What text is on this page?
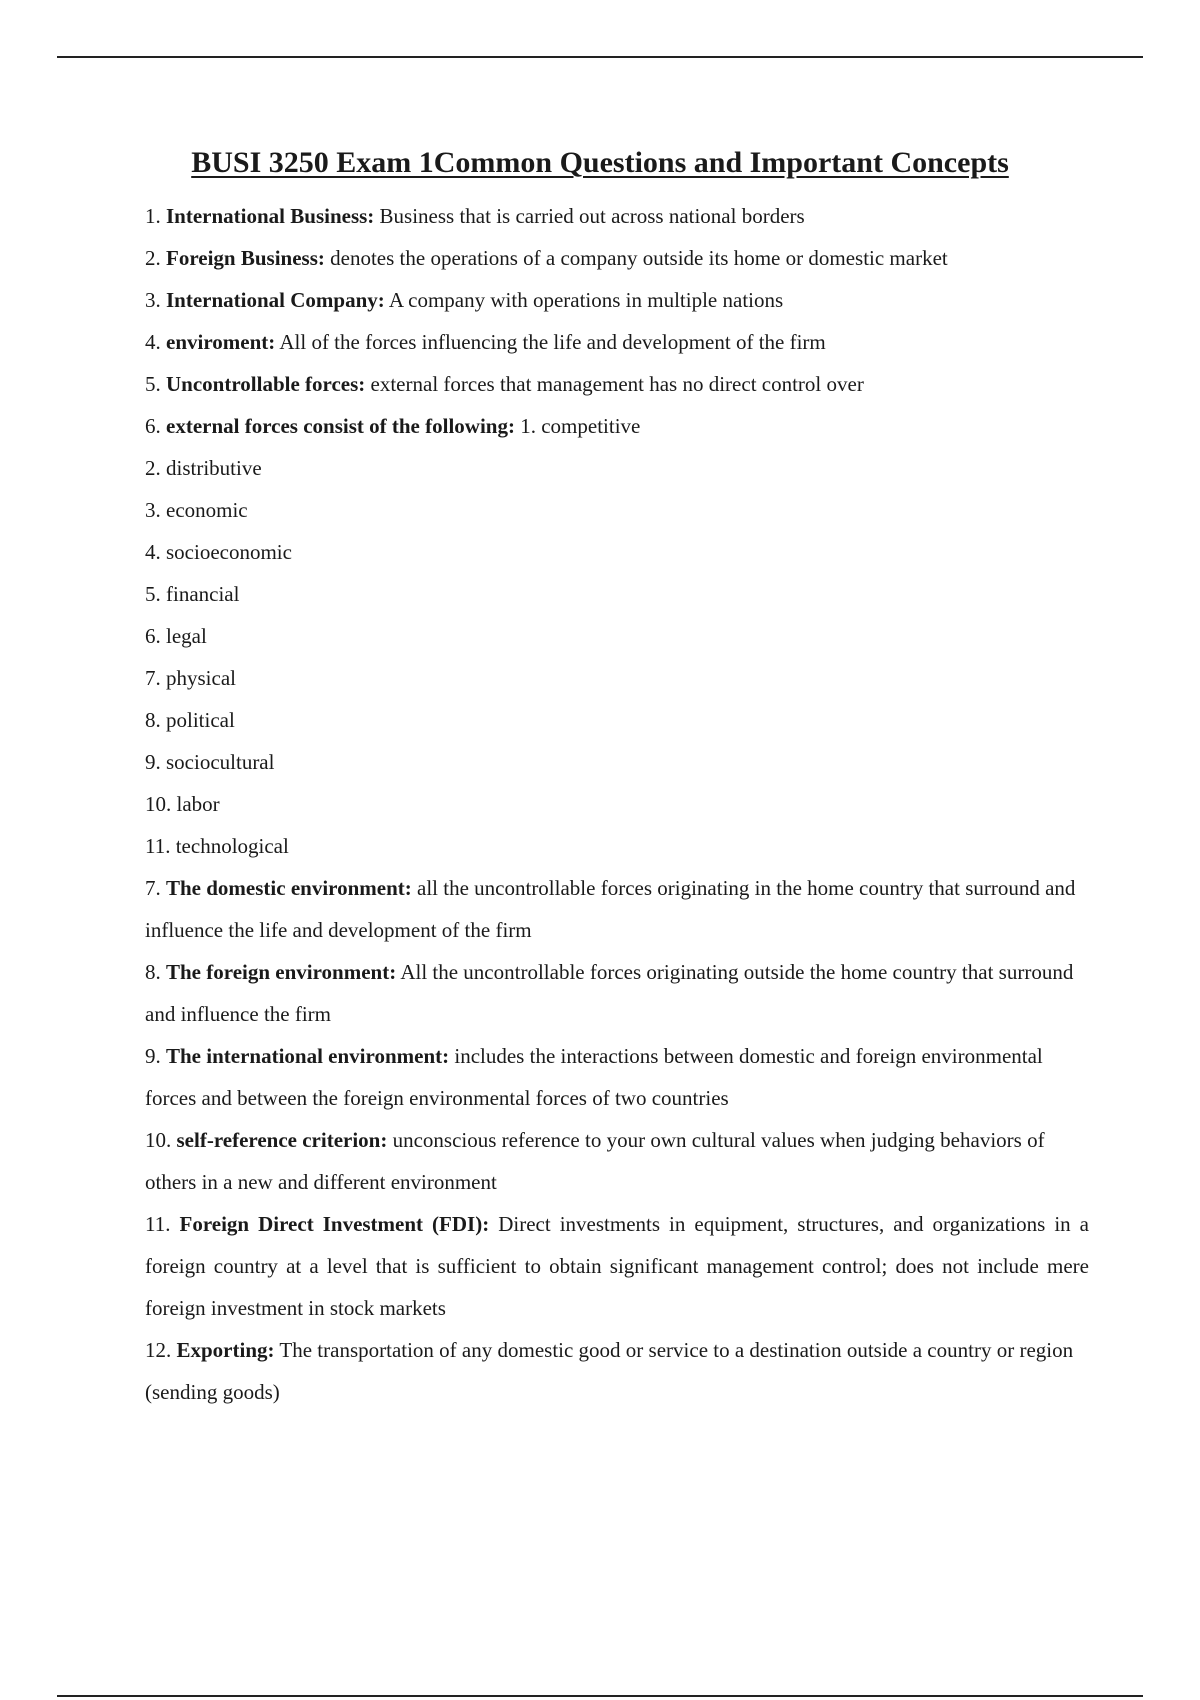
BUSI 3250 Exam 1Common Questions and Important Concepts

1. International Business: Business that is carried out across national borders

2. Foreign Business: denotes the operations of a company outside its home or domestic market

3. International Company: A company with operations in multiple nations

4. enviroment: All of the forces influencing the life and development of the firm

5. Uncontrollable forces: external forces that management has no direct control over

6. external forces consist of the following: 1. competitive

2. distributive

3. economic

4. socioeconomic

5. financial

6. legal

7. physical

8. political

9. sociocultural

10. labor

11. technological

7. The domestic environment: all the uncontrollable forces originating in the home country that surround and influence the life and development of the firm

8. The foreign environment: All the uncontrollable forces originating outside the home country that surround and influence the firm

9. The international environment: includes the interactions between domestic and foreign environmental forces and between the foreign environmental forces of two countries

10. self-reference criterion: unconscious reference to your own cultural values when judging behaviors of others in a new and different environment

11. Foreign Direct Investment (FDI): Direct investments in equipment, structures, and organizations in a foreign country at a level that is sufficient to obtain significant management control; does not include mere foreign investment in stock markets

12. Exporting: The transportation of any domestic good or service to a destination outside a country or region

(sending goods)
